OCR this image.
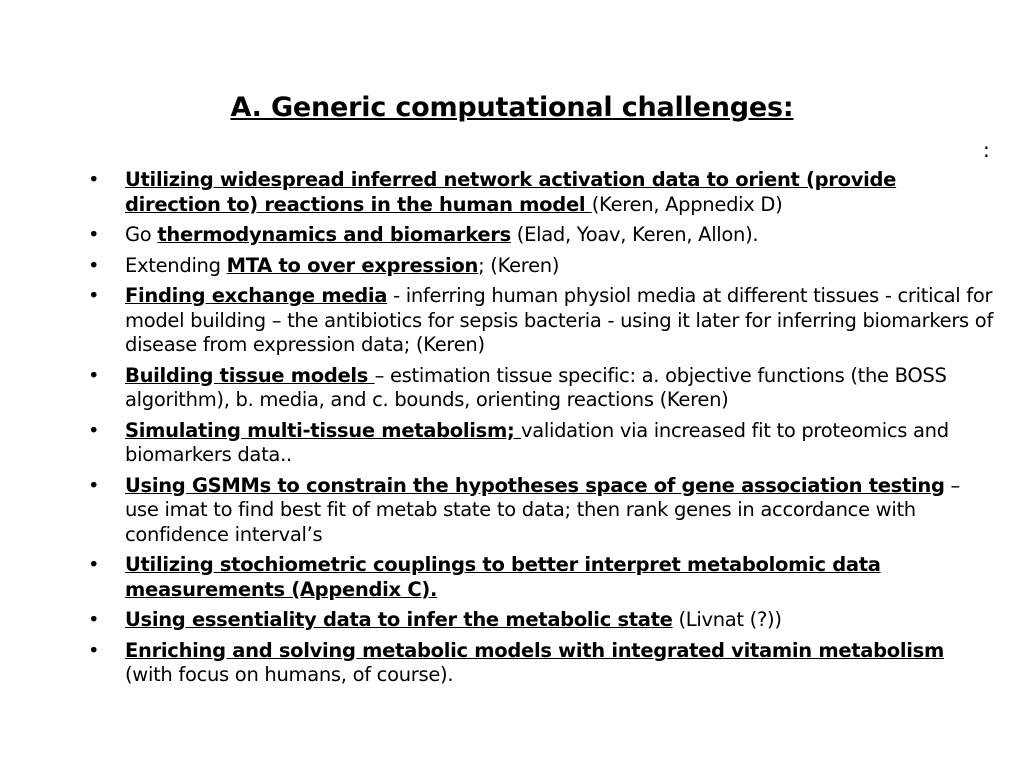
A. Generic computational challenges:
:
•	Utilizing widespread inferred network activation data to orient (provide direction to) reactions in the human model (Keren, Appnedix D)
•	Go thermodynamics and biomarkers (Elad, Yoav, Keren, Allon).
•	Extending MTA to over expression; (Keren)
•	Finding exchange media - inferring human physiol media at different tissues - critical for model building – the antibiotics for sepsis bacteria - using it later for inferring biomarkers of disease from expression data; (Keren)
•	Building tissue models – estimation tissue specific: a. objective functions (the BOSS algorithm), b. media, and c. bounds, orienting reactions (Keren)
•	Simulating multi-tissue metabolism; validation via increased fit to proteomics and biomarkers data..
•	Using GSMMs to constrain the hypotheses space of gene association testing – use imat to find best fit of metab state to data; then rank genes in accordance with confidence interval’s
•	Utilizing stochiometric couplings to better interpret metabolomic data measurements (Appendix C).
•	Using essentiality data to infer the metabolic state (Livnat (?))
•	Enriching and solving metabolic models with integrated vitamin metabolism (with focus on humans, of course).
